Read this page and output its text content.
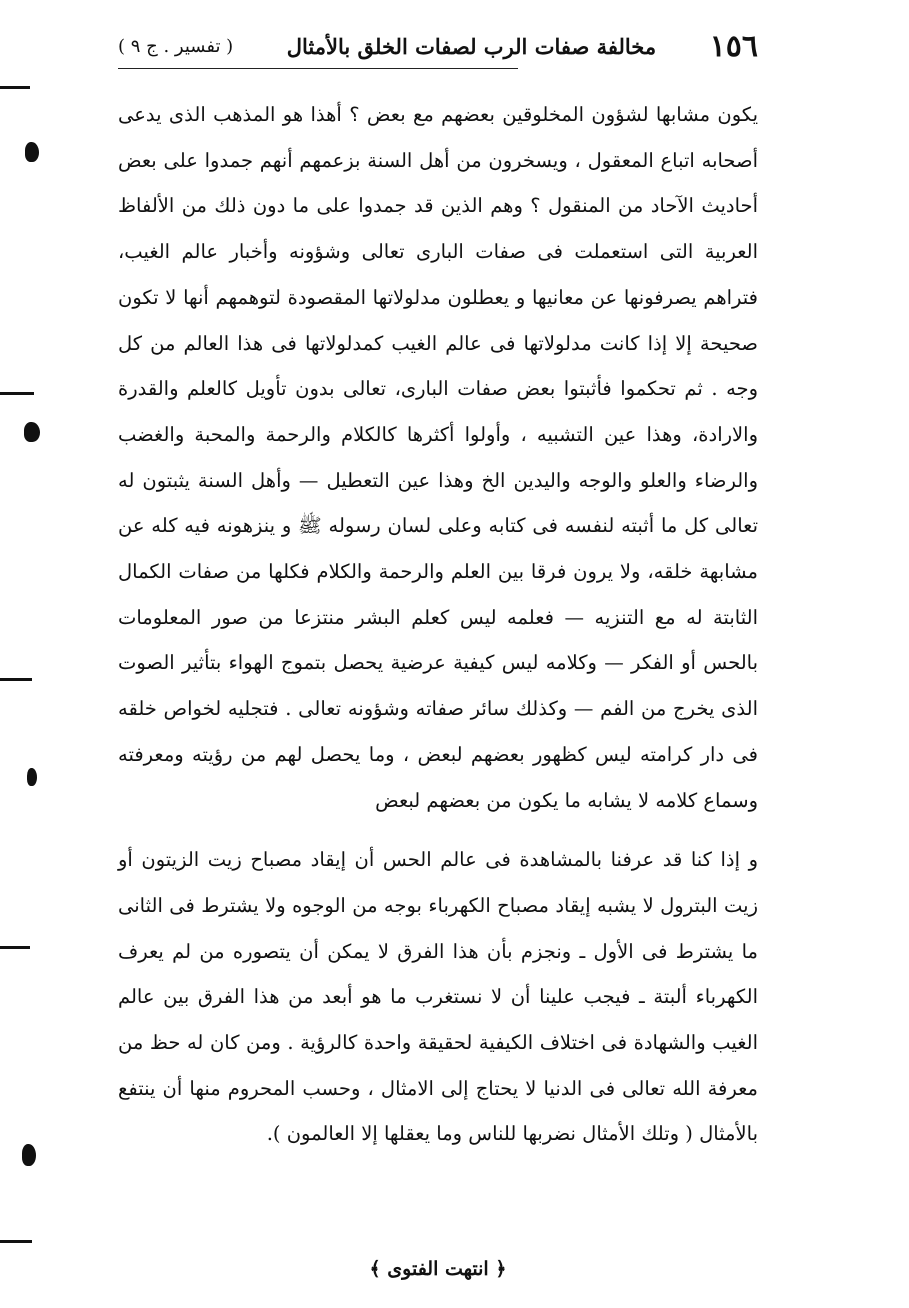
١٥٦
مخالفة صفات الرب لصفات الخلق بالأمثال
( تفسير . ج ٩ )

يكون مشابها لشؤون المخلوقين بعضهم مع بعض ؟ أهذا هو المذهب الذى يدعى أصحابه اتباع المعقول ، ويسخرون من أهل السنة بزعمهم أنهم جمدوا على بعض أحاديث الآحاد من المنقول ؟ وهم الذين قد جمدوا على ما دون ذلك من الألفاظ العربية التى استعملت فى صفات البارى تعالى وشؤونه وأخبار عالم الغيب، فتراهم يصرفونها عن معانيها و يعطلون مدلولاتها المقصودة لتوهمهم أنها لا تكون صحيحة إلا إذا كانت مدلولاتها فى عالم الغيب كمدلولاتها فى هذا العالم من كل وجه . ثم تحكموا فأثبتوا بعض صفات البارى، تعالى بدون تأويل كالعلم والقدرة والارادة، وهذا عين التشبيه ، وأولوا أكثرها كالكلام والرحمة والمحبة والغضب والرضاء والعلو والوجه واليدين الخ وهذا عين التعطيل — وأهل السنة يثبتون له تعالى كل ما أثبته لنفسه فى كتابه وعلى لسان رسوله ﷺ و ينزهونه فيه كله عن مشابهة خلقه، ولا يرون فرقا بين العلم والرحمة والكلام فكلها من صفات الكمال الثابتة له مع التنزيه — فعلمه ليس كعلم البشر منتزعا من صور المعلومات بالحس أو الفكر — وكلامه ليس كيفية عرضية يحصل بتموج الهواء بتأثير الصوت الذى يخرج من الفم — وكذلك سائر صفاته وشؤونه تعالى . فتجليه لخواص خلقه فى دار كرامته ليس كظهور بعضهم لبعض ، وما يحصل لهم من رؤيته ومعرفته وسماع كلامه لا يشابه ما يكون من بعضهم لبعض

و إذا كنا قد عرفنا بالمشاهدة فى عالم الحس أن إيقاد مصباح زيت الزيتون أو زيت البترول لا يشبه إيقاد مصباح الكهرباء بوجه من الوجوه ولا يشترط فى الثانى ما يشترط فى الأول ـ ونجزم بأن هذا الفرق لا يمكن أن يتصوره من لم يعرف الكهرباء ألبتة ـ فيجب علينا أن لا نستغرب ما هو أبعد من هذا الفرق بين عالم الغيب والشهادة فى اختلاف الكيفية لحقيقة واحدة كالرؤية . ومن كان له حظ من معرفة الله تعالى فى الدنيا لا يحتاج إلى الامثال ، وحسب المحروم منها أن ينتفع بالأمثال ( وتلك الأمثال نضربها للناس وما يعقلها إلا العالمون ).

﴿ انتهت الفتوى ﴾
